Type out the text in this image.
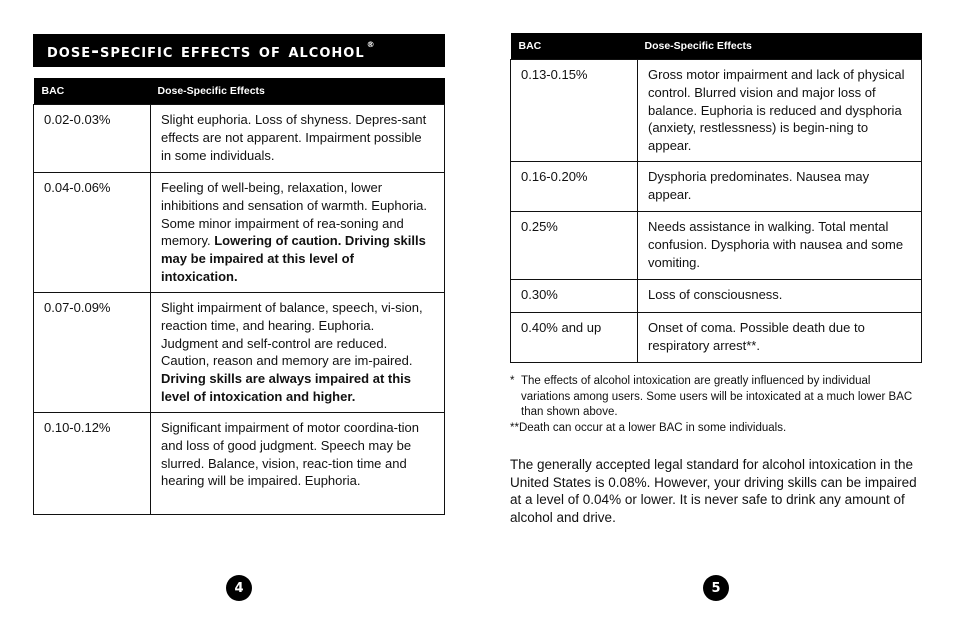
dose-specific effects of alcohol ®
BAC	Dose-Specific Effects
0.02-0.03%	Slight euphoria. Loss of shyness. Depres-sant effects are not apparent. Impairment possible in some individuals.
0.04-0.06%	Feeling of well-being, relaxation, lower inhibitions and sensation of warmth. Euphoria. Some minor impairment of rea-soning and memory. Lowering of caution. Driving skills may be impaired at this level of intoxication.
0.07-0.09%	Slight impairment of balance, speech, vi-sion, reaction time, and hearing. Euphoria. Judgment and self-control are reduced. Caution, reason and memory are im-paired. Driving skills are always impaired at this level of intoxication and higher.
0.10-0.12%	Significant impairment of motor coordina-tion and loss of good judgment. Speech may be slurred. Balance, vision, reac-tion time and hearing will be impaired. Euphoria.
4
BAC	Dose-Specific Effects
0.13-0.15%	Gross motor impairment and lack of physical control. Blurred vision and major loss of balance. Euphoria is reduced and dysphoria (anxiety, restlessness) is begin-ning to appear.
0.16-0.20%	Dysphoria predominates. Nausea may appear.
0.25%	Needs assistance in walking. Total mental confusion. Dysphoria with nausea and some vomiting.
0.30%	Loss of consciousness.
0.40% and up	Onset of coma. Possible death due to respiratory arrest**.
* The effects of alcohol intoxication are greatly influenced by individual variations among users. Some users will be intoxicated at a much lower BAC than shown above.
**Death can occur at a lower BAC in some individuals.
The generally accepted legal standard for alcohol intoxication in the United States is 0.08%. However, your driving skills can be impaired at a level of 0.04% or lower. It is never safe to drink any amount of alcohol and drive.
5
